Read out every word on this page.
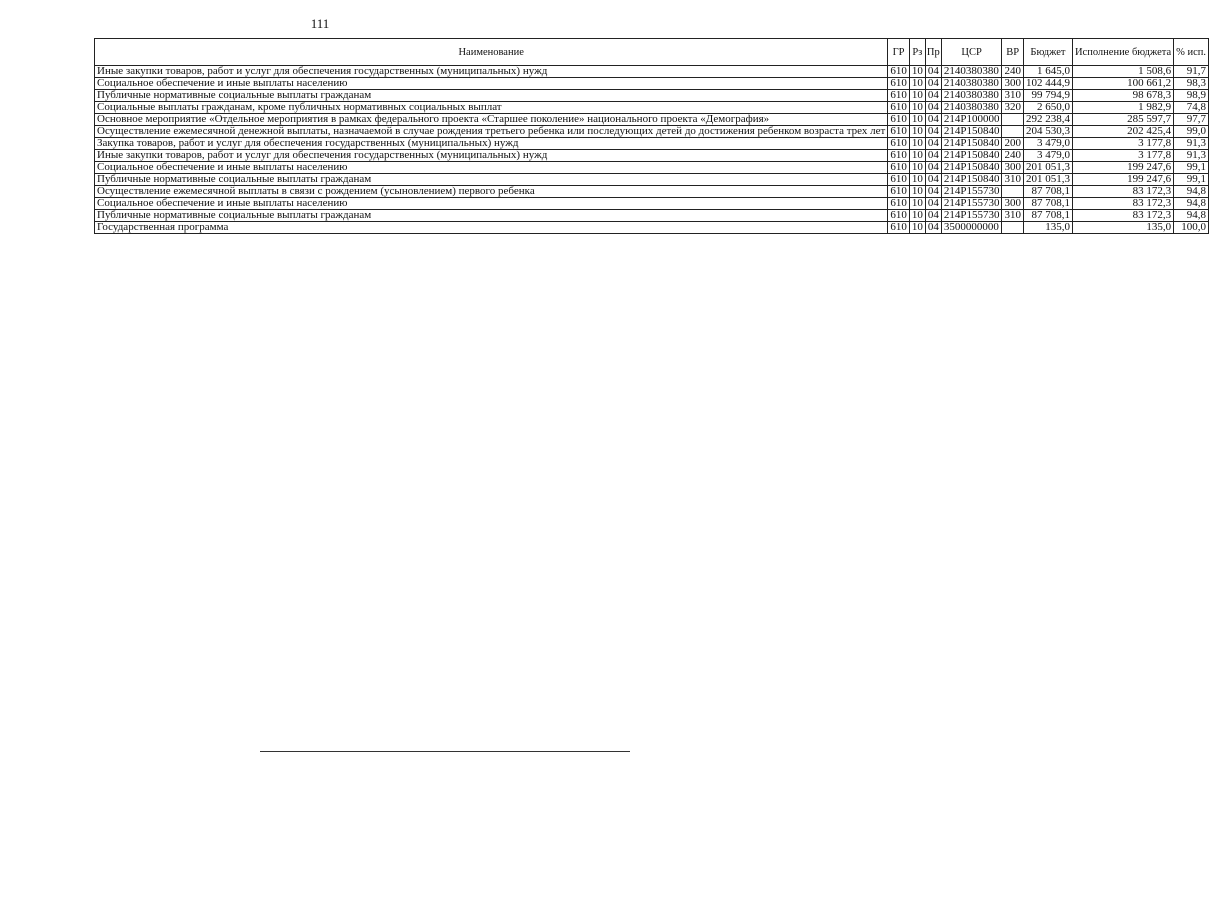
111
Наименование	ГР	Рз	Пр	ЦСР	ВР	Бюджет	Исполнение бюджета	% исп.
Иные закупки товаров, работ и услуг для обеспечения государственных (муниципальных) нужд	610	10	04	2140380380	240	1 645,0	1 508,6	91,7
Социальное обеспечение и иные выплаты населению	610	10	04	2140380380	300	102 444,9	100 661,2	98,3
Публичные нормативные социальные выплаты гражданам	610	10	04	2140380380	310	99 794,9	98 678,3	98,9
Социальные выплаты гражданам, кроме публичных нормативных социальных выплат	610	10	04	2140380380	320	2 650,0	1 982,9	74,8
Основное мероприятие «Отдельное мероприятия в рамках федерального проекта «Старшее поколение» национального проекта «Демография»	610	10	04	214P100000		292 238,4	285 597,7	97,7
Осуществление ежемесячной денежной выплаты, назначаемой в случае рождения третьего ребенка или последующих детей до достижения ребенком возраста трех лет	610	10	04	214P150840		204 530,3	202 425,4	99,0
Закупка товаров, работ и услуг для обеспечения государственных (муниципальных) нужд	610	10	04	214P150840	200	3 479,0	3 177,8	91,3
Иные закупки товаров, работ и услуг для обеспечения государственных (муниципальных) нужд	610	10	04	214P150840	240	3 479,0	3 177,8	91,3
Социальное обеспечение и иные выплаты населению	610	10	04	214P150840	300	201 051,3	199 247,6	99,1
Публичные нормативные социальные выплаты гражданам	610	10	04	214P150840	310	201 051,3	199 247,6	99,1
Осуществление ежемесячной выплаты в связи с рождением (усыновлением) первого ребенка	610	10	04	214P155730		87 708,1	83 172,3	94,8
Социальное обеспечение и иные выплаты населению	610	10	04	214P155730	300	87 708,1	83 172,3	94,8
Публичные нормативные социальные выплаты гражданам	610	10	04	214P155730	310	87 708,1	83 172,3	94,8
Государственная программа	610	10	04	3500000000		135,0	135,0	100,0
